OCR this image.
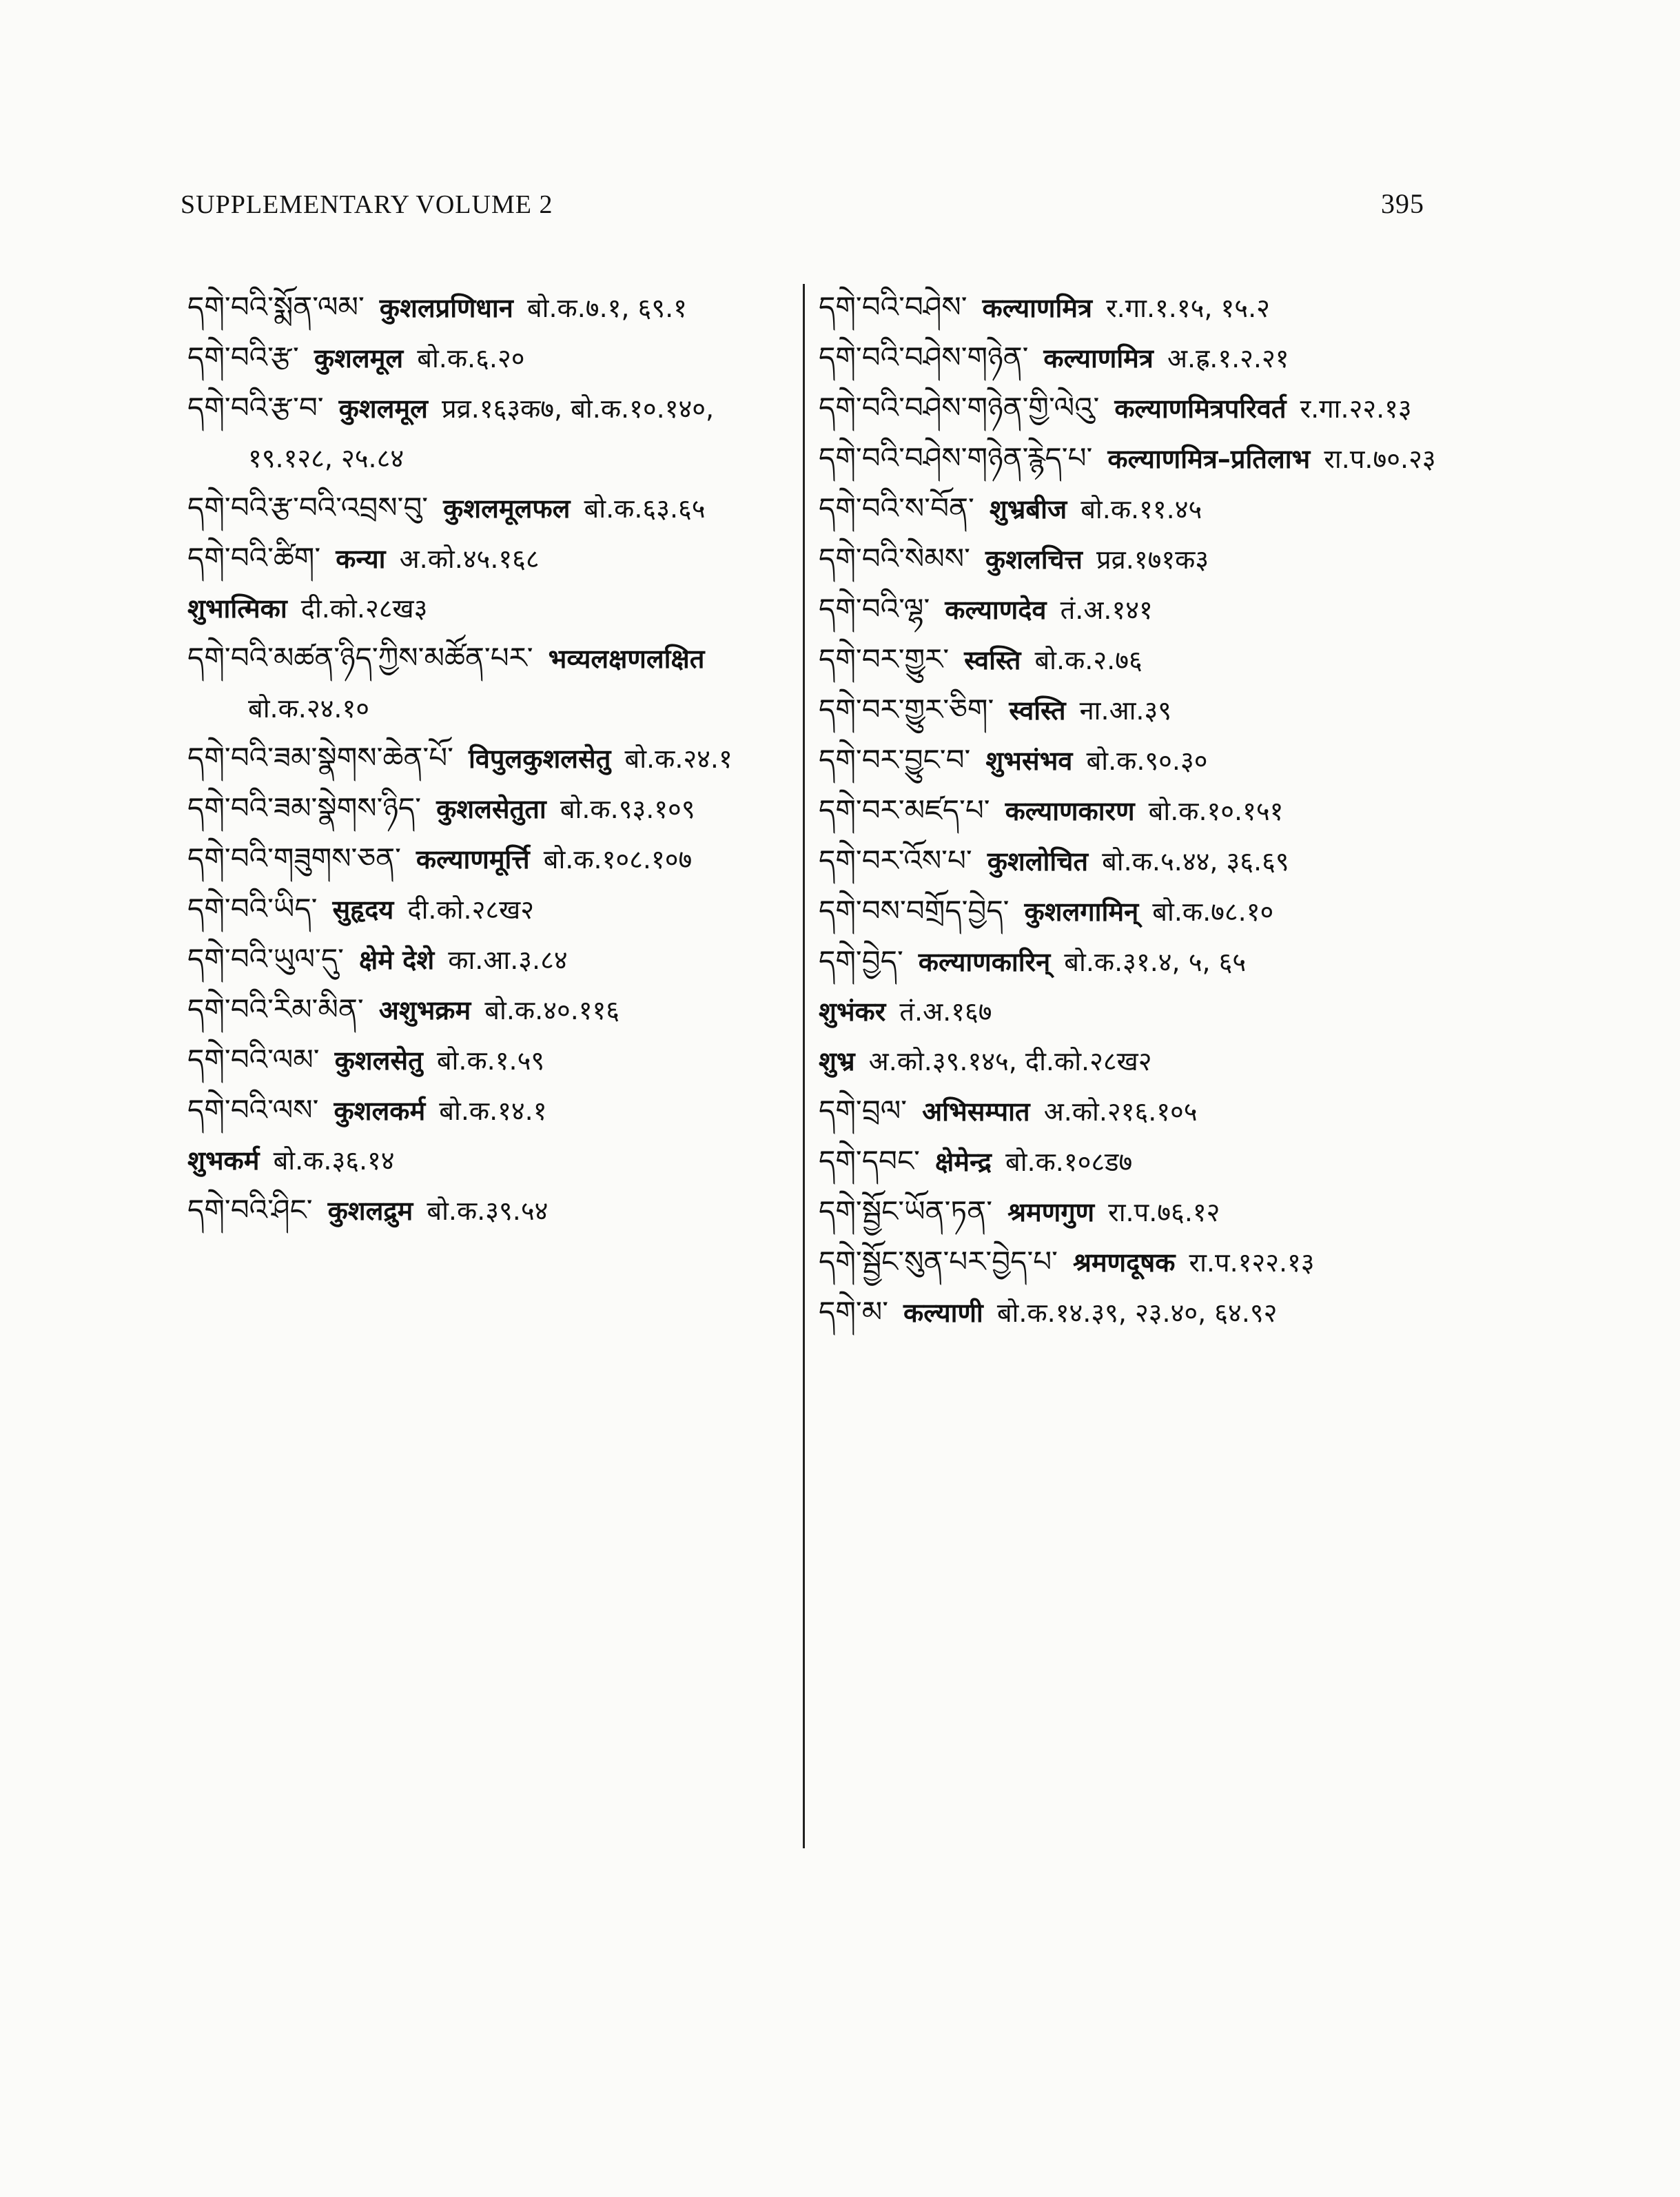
SUPPLEMENTARY VOLUME 2	395
དགེ་བའི་སྨོན་ལམ་ कुशलप्रणिधान बो.क.७.१, ६९.१
དགེ་བའི་རྩ་ कुशलमूल बो.क.६.२०
དགེ་བའི་རྩ་བ་ कुशलमूल प्रव्र.१६३क७, बो.क.१०.१४०, १९.१२८, २५.८४
དགེ་བའི་རྩ་བའི་འབྲས་བུ་ कुशलमूलफल बो.क.६३.६५
དགེ་བའི་ཚིག་ कन्या अ.को.४५.१६८
शुभात्मिका दी.को.२८ख३
དགེ་བའི་མཚན་ཉིད་ཀྱིས་མཚོན་པར་ भव्यलक्षणलक्षित बो.क.२४.१०
དགེ་བའི་ཟམ་སྣེགས་ཆེན་པོ་ विपुलकुशलसेतु बो.क.२४.१
དགེ་བའི་ཟམ་སྣེགས་ཉིད་ कुशलसेतुता बो.क.९३.१०९
དགེ་བའི་གཟུགས་ཅན་ कल्याणमूर्त्ति बो.क.१०८.१०७
དགེ་བའི་ཡིད་ सुहृदय दी.को.२८ख२
དགེ་བའི་ཡུལ་དུ་ क्षेमे देशे का.आ.३.८४
དགེ་བའི་རིམ་མིན་ अशुभक्रम बो.क.४०.११६
དགེ་བའི་ལམ་ कुशलसेतु बो.क.१.५९
དགེ་བའི་ལས་ कुशलकर्म बो.क.१४.१
शुभकर्म बो.क.३६.१४
དགེ་བའི་ཤིང་ कुशलद्रुम बो.क.३९.५४
དགེ་བའི་བཤེས་ कल्याणमित्र र.गा.१.१५, १५.२
དགེ་བའི་བཤེས་གཉེན་ कल्याणमित्र अ.ह्र.१.२.२१
དགེ་བའི་བཤེས་གཉེན་གྱི་ལེའུ་ कल्याणमित्रपरिवर्त र.गा.२२.१३
དགེ་བའི་བཤེས་གཉེན་རྙེད་པ་ कल्याणमित्र–प्रतिलाभ रा.प.७०.२३
དགེ་བའི་ས་བོན་ शुभ्रबीज बो.क.११.४५
དགེ་བའི་སེམས་ कुशलचित्त प्रव्र.१७१क३
དགེ་བའི་ལྷ་ कल्याणदेव तं.अ.१४१
དགེ་བར་གྱུར་ स्वस्ति बो.क.२.७६
དགེ་བར་གྱུར་ཅིག་ स्वस्ति ना.आ.३९
དགེ་བར་བྱུང་བ་ शुभसंभव बो.क.९०.३०
དགེ་བར་མཛད་པ་ कल्याणकारण बो.क.१०.१५१
དགེ་བར་འོས་པ་ कुशलोचित बो.क.५.४४, ३६.६९
དགེ་བས་བགྲོད་བྱེད་ कुशलगामिन् बो.क.७८.१०
དགེ་བྱེད་ कल्याणकारिन् बो.क.३१.४, ५, ६५
शुभंकर तं.अ.१६७
शुभ्र अ.को.३९.१४५, दी.को.२८ख२
དགེ་བྲལ་ अभिसम्पात अ.को.२१६.१०५
དགེ་དབང་ क्षेमेन्द्र बो.क.१०८ड७
དགེ་སྦྱོང་ཡོན་ཏན་ श्रमणगुण रा.प.७६.१२
དགེ་སྦྱོང་སུན་པར་བྱེད་པ་ श्रमणदूषक रा.प.१२२.१३
དགེ་མ་ कल्याणी बो.क.१४.३९, २३.४०, ६४.९२
